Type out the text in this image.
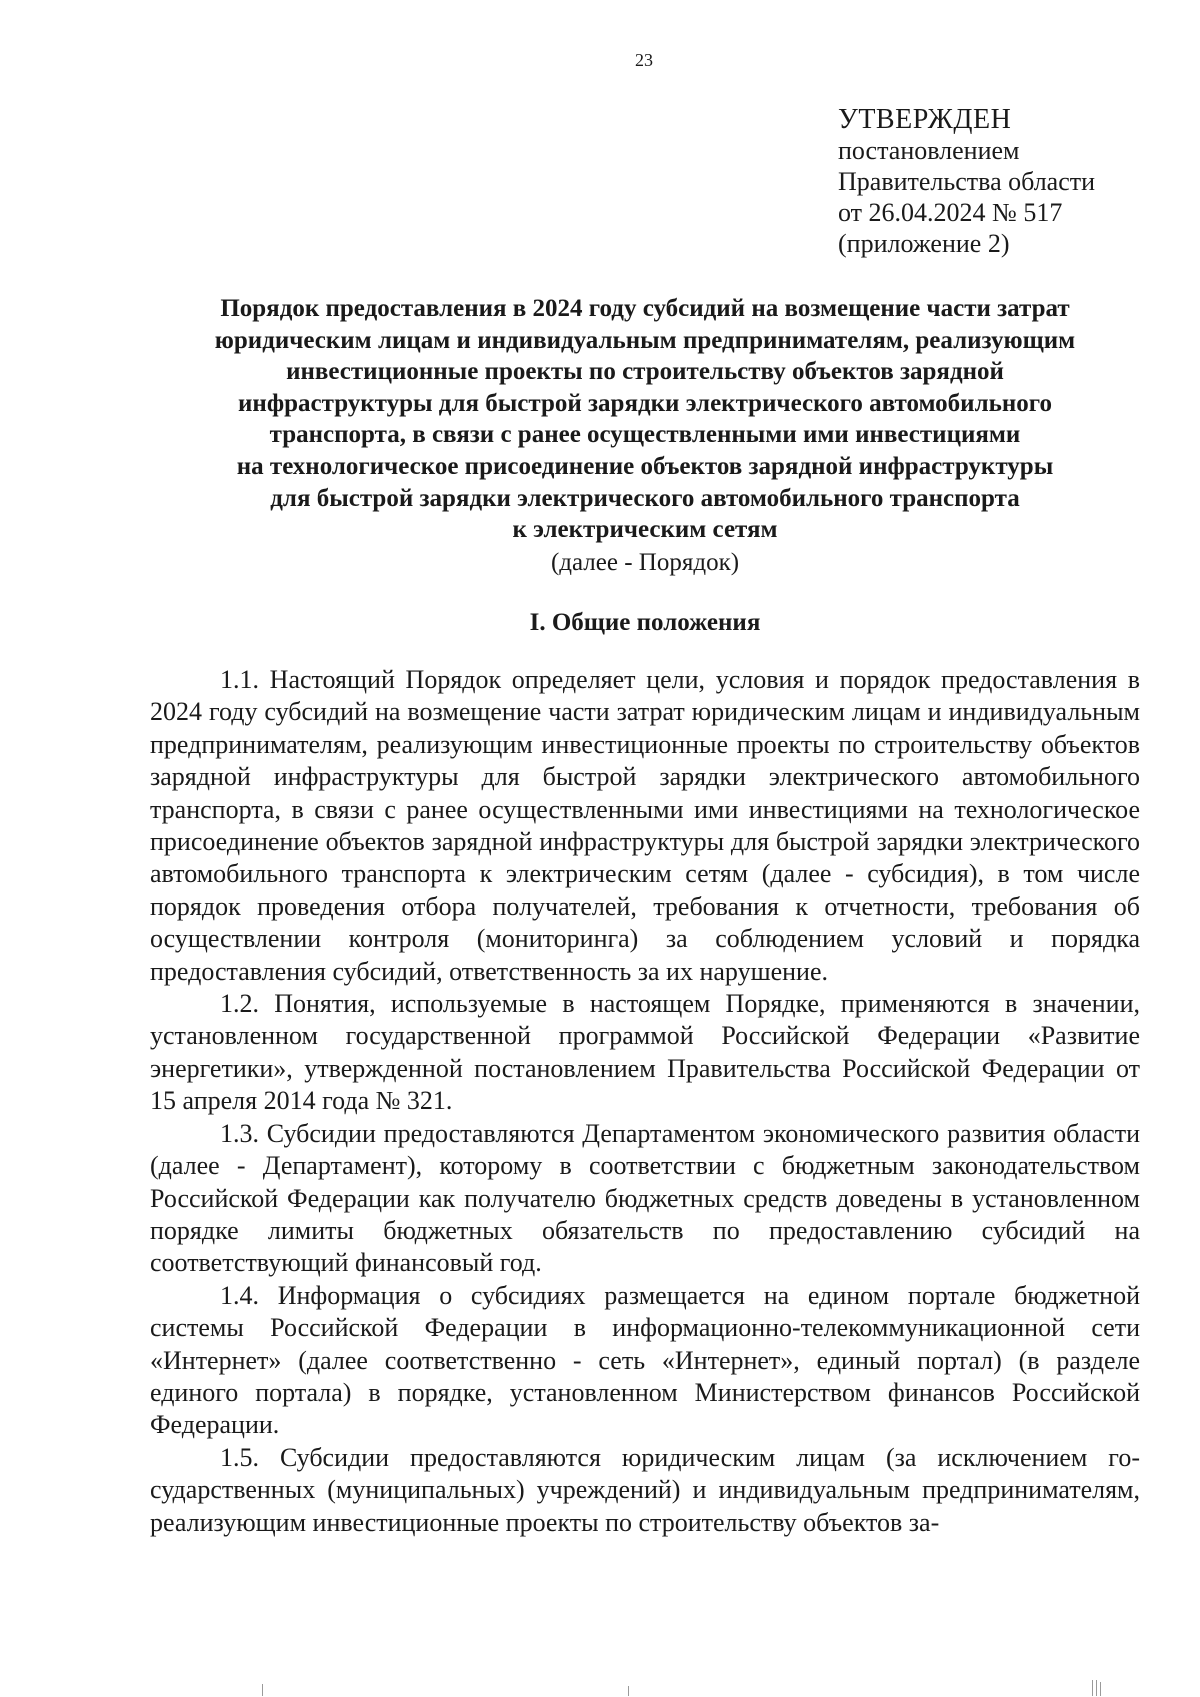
23
УТВЕРЖДЕН
постановлением
Правительства области
от 26.04.2024 № 517
(приложение 2)
Порядок предоставления в 2024 году субсидий на возмещение части затрат
юридическим лицам и индивидуальным предпринимателям, реализующим
инвестиционные проекты по строительству объектов зарядной
инфраструктуры для быстрой зарядки электрического автомобильного
транспорта, в связи с ранее осуществленными ими инвестициями
на технологическое присоединение объектов зарядной инфраструктуры
для быстрой зарядки электрического автомобильного транспорта
к электрическим сетям
(далее - Порядок)
I. Общие положения

1.1. Настоящий Порядок определяет цели, условия и порядок предоставления в 2024 году субсидий на возмещение части затрат юридическим лицам и индивидуальным предпринимателям, реализующим инвестиционные проекты по строительству объектов зарядной инфраструктуры для быстрой зарядки электрического автомобильного транспорта, в связи с ранее осуществленными ими инвестициями на технологическое присоединение объектов зарядной инфраструктуры для быстрой зарядки электрического автомобильного транспорта к электрическим сетям (далее - субсидия), в том числе порядок проведения отбора получателей, требования к отчетности, требования об осуществлении контроля (мониторинга) за соблюдением условий и порядка предоставления субсидий, ответственность за их нарушение.

1.2. Понятия, используемые в настоящем Порядке, применяются в значении, установленном государственной программой Российской Федерации «Развитие энергетики», утвержденной постановлением Правительства Российской Федерации от 15 апреля 2014 года № 321.

1.3. Субсидии предоставляются Департаментом экономического развития области (далее - Департамент), которому в соответствии с бюджетным законодательством Российской Федерации как получателю бюджетных средств доведены в установленном порядке лимиты бюджетных обязательств по предоставлению субсидий на соответствующий финансовый год.

1.4. Информация о субсидиях размещается на едином портале бюджетной системы Российской Федерации в информационно-телекоммуникационной сети «Интернет» (далее соответственно - сеть «Интернет», единый портал) (в разделе единого портала) в порядке, установленном Министерством финансов Российской Федерации.

1.5. Субсидии предоставляются юридическим лицам (за исключением государственных (муниципальных) учреждений) и индивидуальным предпринимателям, реализующим инвестиционные проекты по строительству объектов за-
